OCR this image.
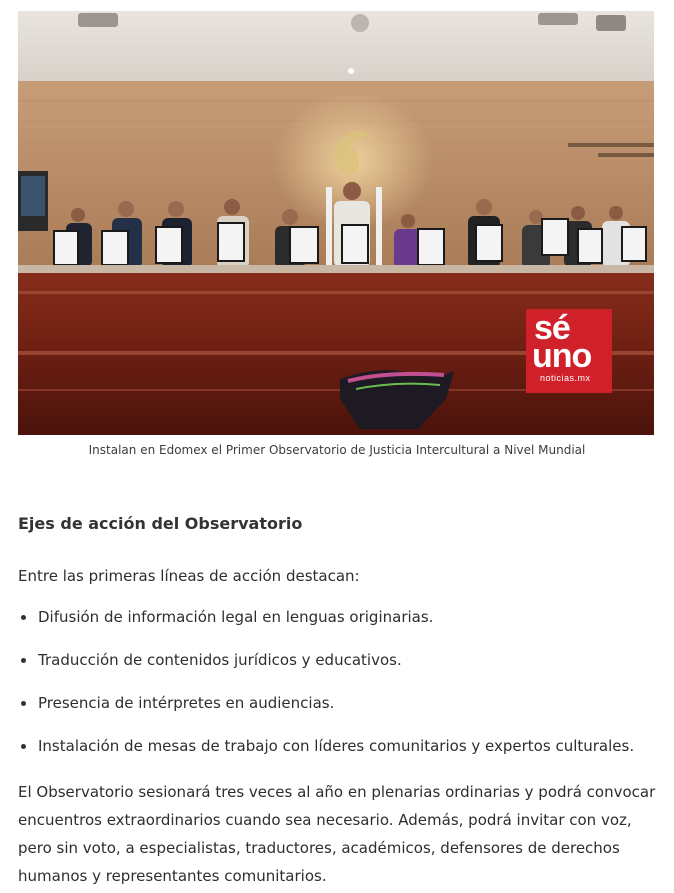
sé
uno
noticias.mx
Instalan en Edomex el Primer Observatorio de Justicia Intercultural a Nivel Mundial
Ejes de acción del Observatorio

Entre las primeras líneas de acción destacan:

Difusión de información legal en lenguas originarias.
Traducción de contenidos jurídicos y educativos.
Presencia de intérpretes en audiencias.
Instalación de mesas de trabajo con líderes comunitarios y expertos culturales.

El Observatorio sesionará tres veces al año en plenarias ordinarias y podrá convocar encuentros extraordinarios cuando sea necesario. Además, podrá invitar con voz, pero sin voto, a especialistas, traductores, académicos, defensores de derechos humanos y representantes comunitarios.
